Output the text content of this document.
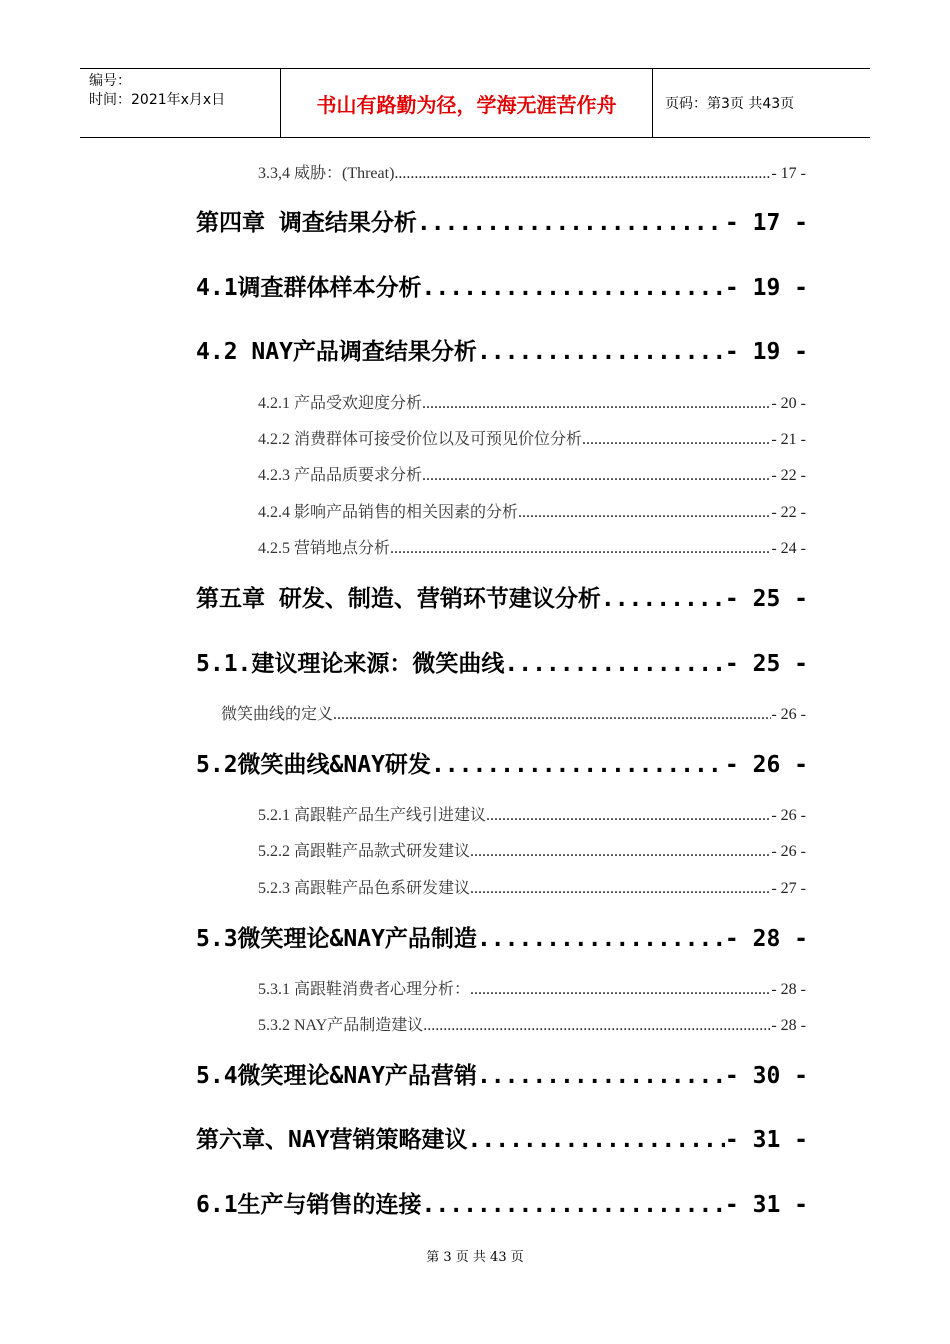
编号：
时间：2021年x月x日	书山有路勤为径，学海无涯苦作舟	页码：第3页 共43页
3.3,4 威胁：(Threat) .....	- 17 -
第四章 调查结果分析 .....	- 17 -
4.1调查群体样本分析 .....	- 19 -
4.2 NAY产品调查结果分析 .....	- 19 -
4.2.1 产品受欢迎度分析 .....	- 20 -
4.2.2 消费群体可接受价位以及可预见价位分析 .....	- 21 -
4.2.3 产品品质要求分析 .....	- 22 -
4.2.4 影响产品销售的相关因素的分析 .....	- 22 -
4.2.5 营销地点分析 .....	- 24 -
第五章 研发、制造、营销环节建议分析 .....	- 25 -
5.1.建议理论来源：微笑曲线 .....	- 25 -
微笑曲线的定义 .....	- 26 -
5.2微笑曲线&NAY研发 .....	- 26 -
5.2.1 高跟鞋产品生产线引进建议 .....	- 26 -
5.2.2 高跟鞋产品款式研发建议 .....	- 26 -
5.2.3 高跟鞋产品色系研发建议 .....	- 27 -
5.3微笑理论&NAY产品制造 .....	- 28 -
5.3.1 高跟鞋消费者心理分析： .....	- 28 -
5.3.2 NAY产品制造建议 .....	- 28 -
5.4微笑理论&NAY产品营销 .....	- 30 -
第六章、NAY营销策略建议 .....	- 31 -
6.1生产与销售的连接 .....	- 31 -
第 3 页 共 43 页
